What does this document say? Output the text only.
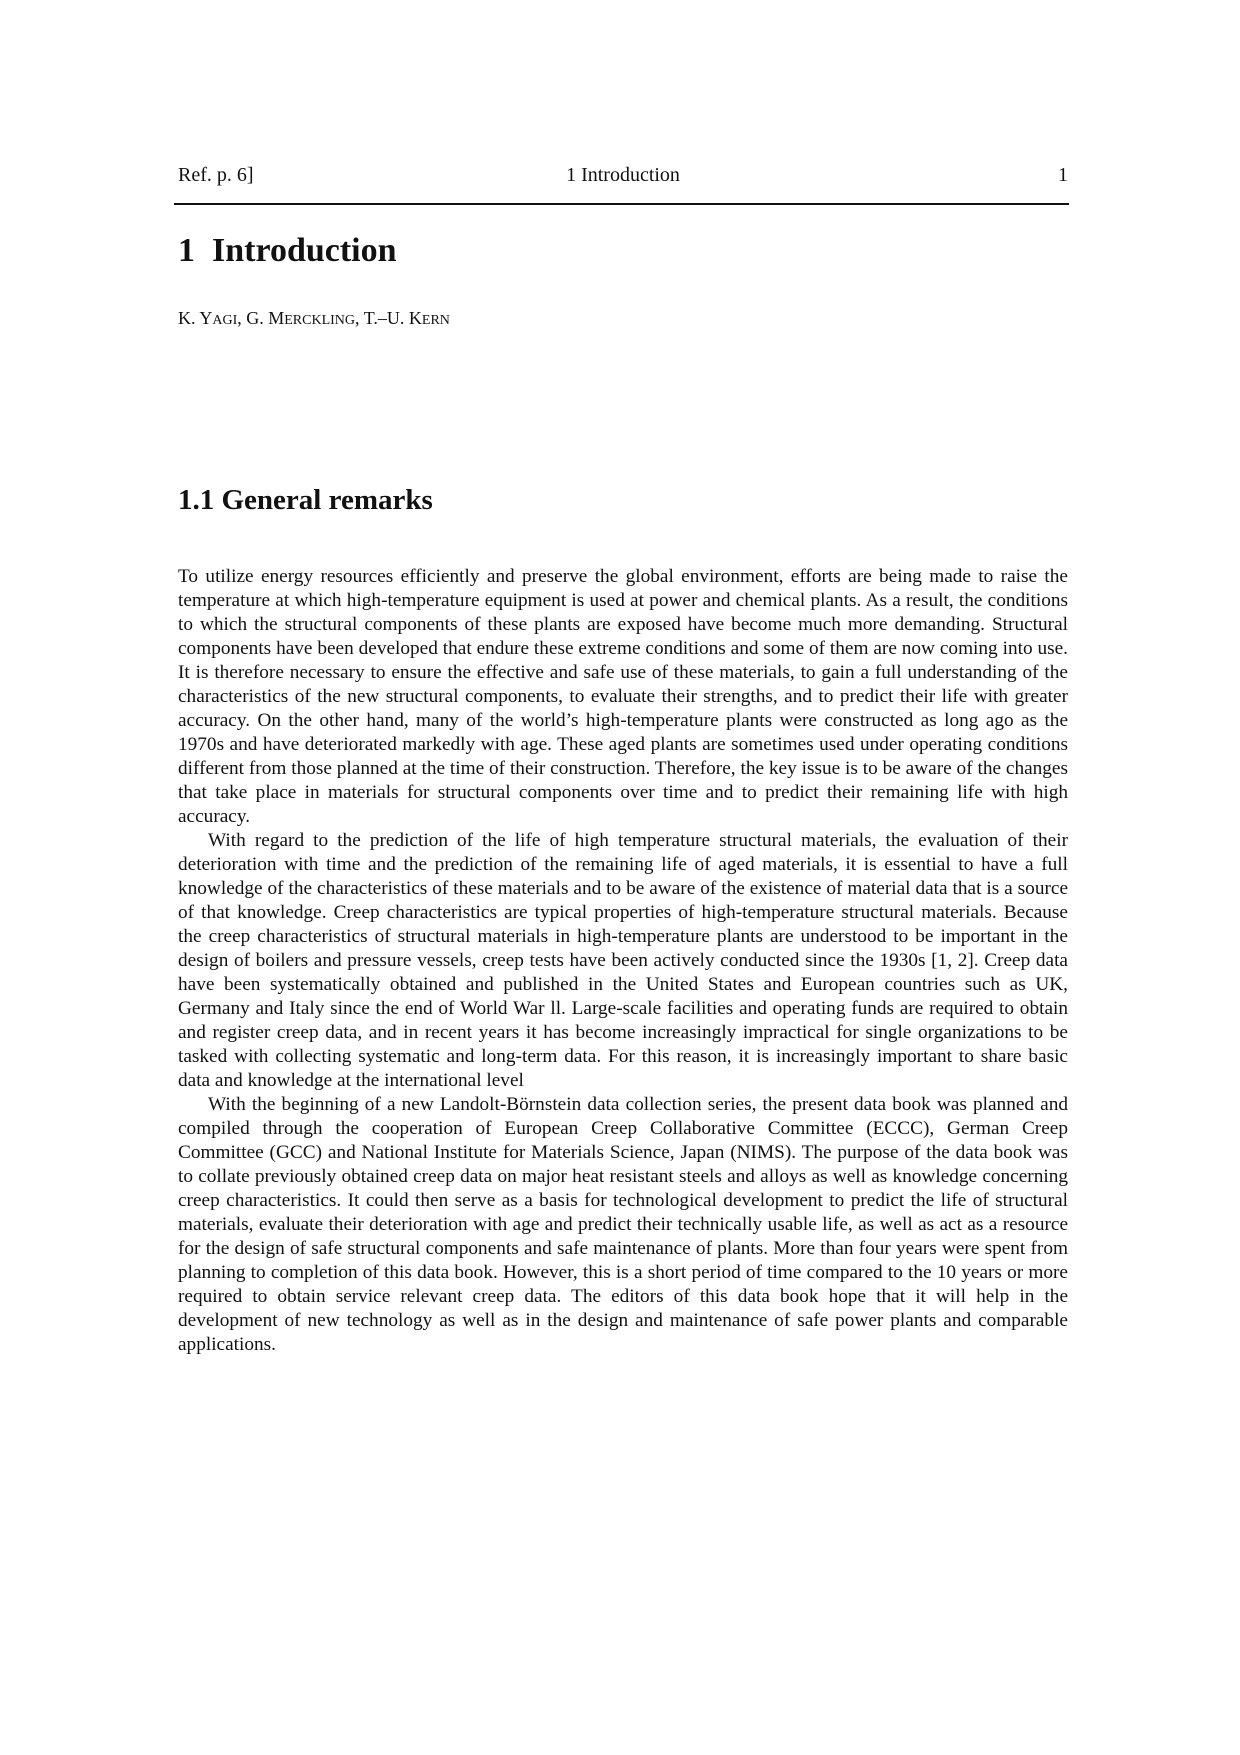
Ref. p. 6]	1 Introduction	1
1  Introduction

K. YAGI, G. MERCKLING, T.–U. KERN

1.1 General remarks

To utilize energy resources efficiently and preserve the global environment, efforts are being made to raise the temperature at which high-temperature equipment is used at power and chemical plants. As a result, the conditions to which the structural components of these plants are exposed have become much more demanding. Structural components have been developed that endure these extreme conditions and some of them are now coming into use. It is therefore necessary to ensure the effective and safe use of these materials, to gain a full understanding of the characteristics of the new structural components, to evaluate their strengths, and to predict their life with greater accuracy. On the other hand, many of the world’s high-temperature plants were constructed as long ago as the 1970s and have deteriorated markedly with age. These aged plants are sometimes used under operating conditions different from those planned at the time of their construction. Therefore, the key issue is to be aware of the changes that take place in materials for structural components over time and to predict their remaining life with high accuracy.

With regard to the prediction of the life of high temperature structural materials, the evaluation of their deterioration with time and the prediction of the remaining life of aged materials, it is essential to have a full knowledge of the characteristics of these materials and to be aware of the existence of material data that is a source of that knowledge. Creep characteristics are typical properties of high-temperature structural materials. Because the creep characteristics of structural materials in high-temperature plants are understood to be important in the design of boilers and pressure vessels, creep tests have been actively conducted since the 1930s [1, 2]. Creep data have been systematically obtained and published in the United States and European countries such as UK, Germany and Italy since the end of World War ll. Large-scale facilities and operating funds are required to obtain and register creep data, and in recent years it has become increasingly impractical for single organizations to be tasked with collecting systematic and long-term data. For this reason, it is increasingly important to share basic data and knowledge at the international level

With the beginning of a new Landolt-Börnstein data collection series, the present data book was planned and compiled through the cooperation of European Creep Collaborative Committee (ECCC), German Creep Committee (GCC) and National Institute for Materials Science, Japan (NIMS). The purpose of the data book was to collate previously obtained creep data on major heat resistant steels and alloys as well as knowledge concerning creep characteristics. It could then serve as a basis for technological development to predict the life of structural materials, evaluate their deterioration with age and predict their technically usable life, as well as act as a resource for the design of safe structural components and safe maintenance of plants. More than four years were spent from planning to completion of this data book. However, this is a short period of time compared to the 10 years or more required to obtain service relevant creep data. The editors of this data book hope that it will help in the development of new technology as well as in the design and maintenance of safe power plants and comparable applications.
